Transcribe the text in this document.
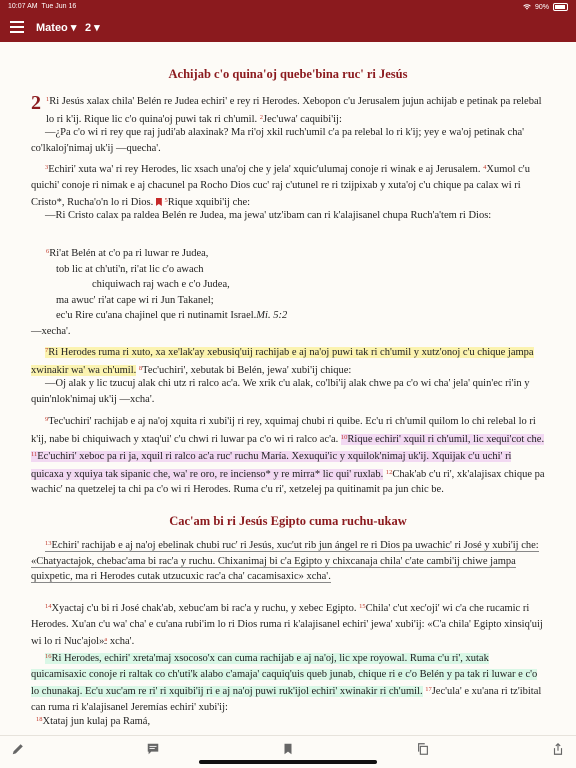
10:07 AM Tue Jun 16	90%
Mateo ▾ 2 ▾
Achijab c'o quina'oj quebe'bina ruc' ri Jesús

2 $^1$Ri Jesús xalax chila' Belén re Judea echiri' e rey ri Herodes. Xebopon c'u Jerusalem jujun achijab e petinak pa relebal lo ri k'ij. Rique lic c'o quina'oj puwi tak ri ch'umil. $^2$Jec'uwa' caquibi'ij:

—¿Pa c'o wi ri rey que raj judi'ab alaxinak? Ma ri'oj xkil ruch'umil c'a pa relebal lo ri k'ij; yey e wa'oj petinak cha' co'lkaloj'nimaj uk'ij —quecha'.

$^3$Echiri' xuta wa' ri rey Herodes, lic xsach una'oj che y jela' xquic'ulumaj conoje ri winak e aj Jerusalem. $^4$Xumol c'u quichi' conoje ri nimak e aj chacunel pa Rocho Dios cuc' raj c'utunel re ri tzijpixab y xuta'oj c'u chique pa calax wi ri Cristo*, Rucha'o'n lo ri Dios. $^5$Rique xquibi'ij che:

—Ri Cristo calax pa raldea Belén re Judea, ma jewa' utz'ibam can ri k'alajisanel chupa Ruch'a'tem ri Dios:

$^6$Ri'at Belén at c'o pa ri luwar re Judea,
tob lic at ch'uti'n, ri'at lic c'o awach
chiquiwach raj wach e c'o Judea,
ma awuc' ri'at cape wi ri Jun Takanel;
ec'u Rire cu'ana chajinel que ri nutinamit Israel.Mi. 5:2

—xecha'.

$^7$Ri Herodes ruma ri xuto, xa xe'lak'ay xebusiq'uij rachijab e aj na'oj puwi tak ri ch'umil y xutz'onoj c'u chique jampa xwinakir wa' wa ch'umil. $^8$Tec'uchiri', xebutak bi Belén, jewa' xubi'ij chique:

—Oj alak y lic tzucuj alak chi utz ri ralco ac'a. We xrik c'u alak, co'lbi'ij alak chwe pa c'o wi cha' jela' quin'ec ri'in y quin'nlok'nimaj uk'ij —xcha'.

$^9$Tec'uchiri' rachijab e aj na'oj xquita ri xubi'ij ri rey, xquimaj chubi ri quibe. Ec'u ri ch'umil quilom lo chi relebal lo ri k'ij, nabe bi chiquiwach y xtaq'ui' c'u chwi ri luwar pa c'o wi ri ralco ac'a. $^{10}$Rique echiri' xquil ri ch'umil, lic xequi'cot che. $^{11}$Ec'uchiri' xeboc pa ri ja, xquil ri ralco ac'a ruc' ruchu María. Xexuqui'ic y xquilok'nimaj uk'ij. Xquijak c'u uchi' ri quicaxa y xquiya tak sipanic che, wa' re oro, re incienso* y re mirra* lic qui' ruxlab. $^{12}$Chak'ab c'u ri', xk'alajisax chique pa wachic' na quetzelej ta chi pa c'o wi ri Herodes. Ruma c'u ri', xetzelej pa quitinamit pa jun chic be.

Cac'am bi ri Jesús Egipto cuma ruchu-ukaw

$^{13}$Echiri' rachijab e aj na'oj ebelinak chubi ruc' ri Jesús, xuc'ut rib jun ángel re ri Dios pa uwachic' ri José y xubi'ij che: «Chatyactajok, chebac'ama bi rac'a y ruchu. Chixanimaj bi c'a Egipto y chixcanaja chila' c'ate cambi'ij chiwe jampa quixpetic, ma ri Herodes cutak utzucuxic rac'a cha' cacamisaxic» xcha'.

$^{14}$Xyactaj c'u bi ri José chak'ab, xebuc'am bi rac'a y ruchu, y xebec Egipto. $^{15}$Chila' c'ut xec'oji' wi c'a che rucamic ri Herodes. Xu'an c'u wa' cha' e cu'ana rubi'im lo ri Dios ruma ri k'alajisanel echiri' jewa' xubi'ij: «C'a chila' Egipto xinsiq'uij wi lo ri Nuc'ajol»$^a$ xcha'.

$^{16}$Ri Herodes, echiri' xreta'maj xsocoso'x can cuma rachijab e aj na'oj, lic xpe royowal. Ruma c'u ri', xutak quicamisaxic conoje ri raltak co ch'uti'k alabo c'amaja' caquiq'uis queb junab, chique ri e c'o Belén y pa tak ri luwar e c'o lo chunakaj. Ec'u xuc'am re ri' ri xquibi'ij ri e aj na'oj puwi ruk'ijol echiri' xwinakir ri ch'umil. $^{17}$Jec'ula' e xu'ana ri tz'ibital can ruma ri k'alajisanel Jeremías echiri' xubi'ij:

$^{18}$Xtataj jun kulaj pa Ramá,
